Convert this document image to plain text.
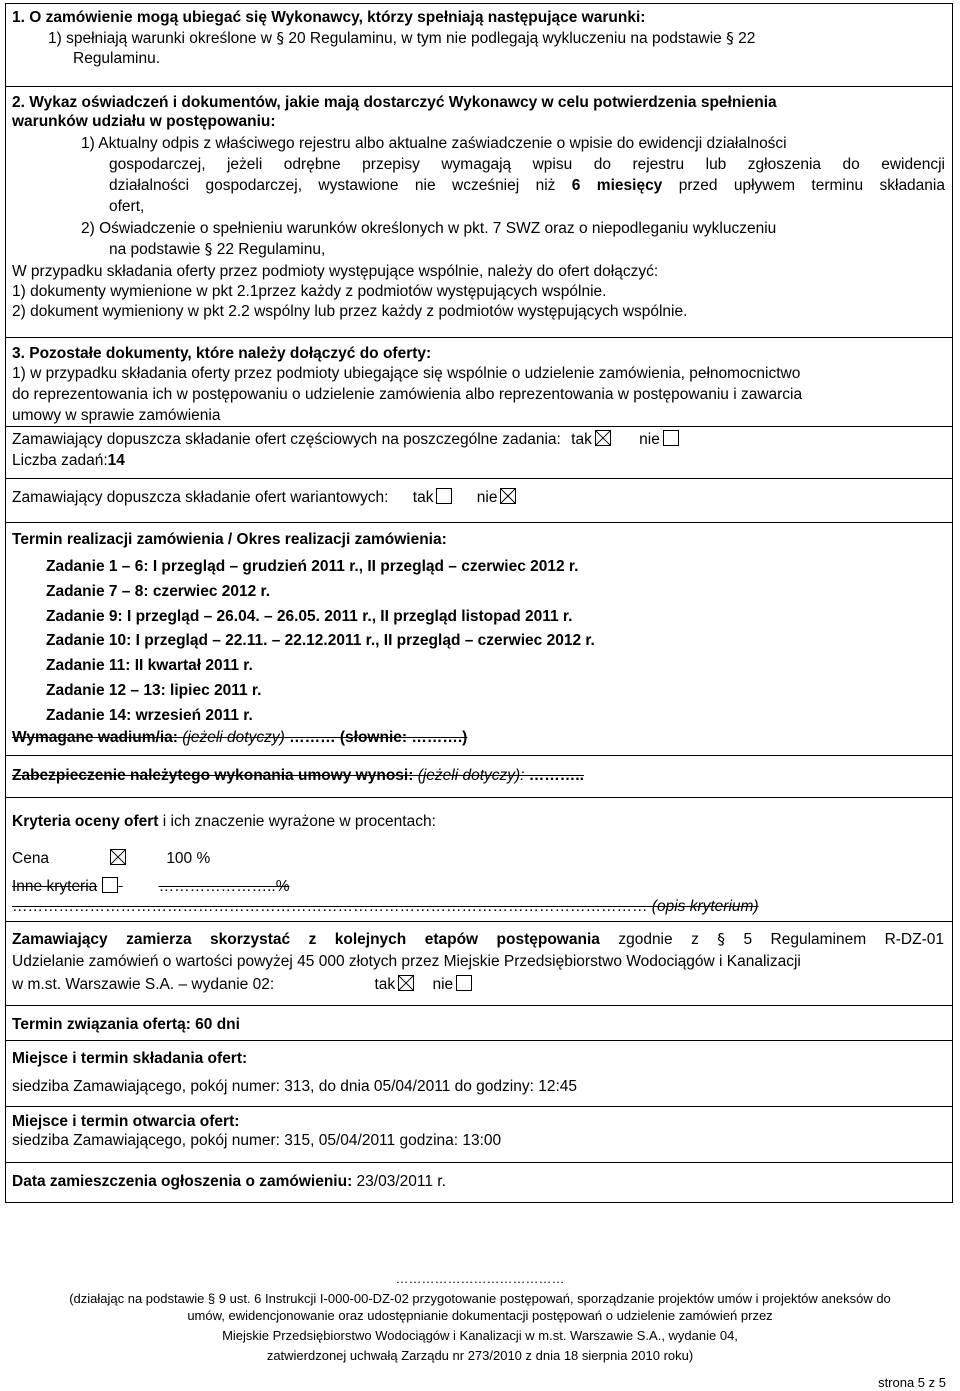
1. O zamówienie mogą ubiegać się Wykonawcy, którzy spełniają następujące warunki:
1) spełniają warunki określone w § 20 Regulaminu, w tym nie podlegają wykluczeniu na podstawie § 22
Regulaminu.
2. Wykaz oświadczeń i dokumentów, jakie mają dostarczyć Wykonawcy w celu potwierdzenia spełnienia
warunków udziału w postępowaniu:
1) Aktualny odpis z właściwego rejestru albo aktualne zaświadczenie o wpisie do ewidencji działalności
gospodarczej, jeżeli odrębne przepisy wymagają wpisu do rejestru lub zgłoszenia do ewidencji
działalności gospodarczej, wystawione nie wcześniej niż 6 miesięcy przed upływem terminu składania
ofert,
2) Oświadczenie o spełnieniu warunków określonych w pkt. 7 SWZ oraz o niepodleganiu wykluczeniu
na podstawie § 22 Regulaminu,
W przypadku składania oferty przez podmioty występujące wspólnie, należy do ofert dołączyć:
1) dokumenty wymienione w pkt 2.1przez każdy z podmiotów występujących wspólnie.
2) dokument wymieniony w pkt 2.2 wspólny lub przez każdy z podmiotów występujących wspólnie.
3. Pozostałe dokumenty, które należy dołączyć do oferty:
1) w przypadku składania oferty przez podmioty ubiegające się wspólnie o udzielenie zamówienia, pełnomocnictwo
do reprezentowania ich w postępowaniu o udzielenie zamówienia albo reprezentowania w postępowaniu i zawarcia
umowy w sprawie zamówienia
Zamawiający dopuszcza składanie ofert częściowych na poszczególne zadania: tak	nie
Liczba zadań:14
Zamawiający dopuszcza składanie ofert wariantowych: tak	nie
Termin realizacji zamówienia / Okres realizacji zamówienia:
Zadanie 1 – 6: I przegląd – grudzień 2011 r., II przegląd – czerwiec 2012 r.
Zadanie 7 – 8: czerwiec 2012 r.
Zadanie 9: I przegląd – 26.04. – 26.05. 2011 r., II przegląd listopad 2011 r.
Zadanie 10: I przegląd – 22.11. – 22.12.2011 r., II przegląd – czerwiec 2012 r.
Zadanie 11: II kwartał 2011 r.
Zadanie 12 – 13: lipiec 2011 r.
Zadanie 14: wrzesień 2011 r.
Wymagane wadium/ia: (jeżeli dotyczy) ……… (słownie: ……….)
Zabezpieczenie należytego wykonania umowy wynosi: (jeżeli dotyczy): ………..
Kryteria oceny ofert i ich znaczenie wyrażone w procentach:
Cena	100 %
Inne kryteria	…………………..%
…………………………………………………………………………………………………………… (opis kryterium)
Zamawiający zamierza skorzystać z kolejnych etapów postępowania zgodnie z § 5 Regulaminem R-DZ-01
Udzielanie zamówień o wartości powyżej 45 000 złotych przez Miejskie Przedsiębiorstwo Wodociągów i Kanalizacji
w m.st. Warszawie S.A. – wydanie 02:	tak nie
Termin związania ofertą: 60 dni
Miejsce i termin składania ofert:
siedziba Zamawiającego, pokój numer: 313, do dnia 05/04/2011 do godziny: 12:45
Miejsce i termin otwarcia ofert:
siedziba Zamawiającego, pokój numer: 315, 05/04/2011 godzina: 13:00
Data zamieszczenia ogłoszenia o zamówieniu: 23/03/2011 r.
…………………………………
(działając na podstawie § 9 ust. 6 Instrukcji I-000-00-DZ-02 przygotowanie postępowań, sporządzanie projektów umów i projektów aneksów do
umów, ewidencjonowanie oraz udostępnianie dokumentacji postępowań o udzielenie zamówień przez
Miejskie Przedsiębiorstwo Wodociągów i Kanalizacji w m.st. Warszawie S.A., wydanie 04,
zatwierdzonej uchwałą Zarządu nr 273/2010 z dnia 18 sierpnia 2010 roku)
strona 5 z 5
